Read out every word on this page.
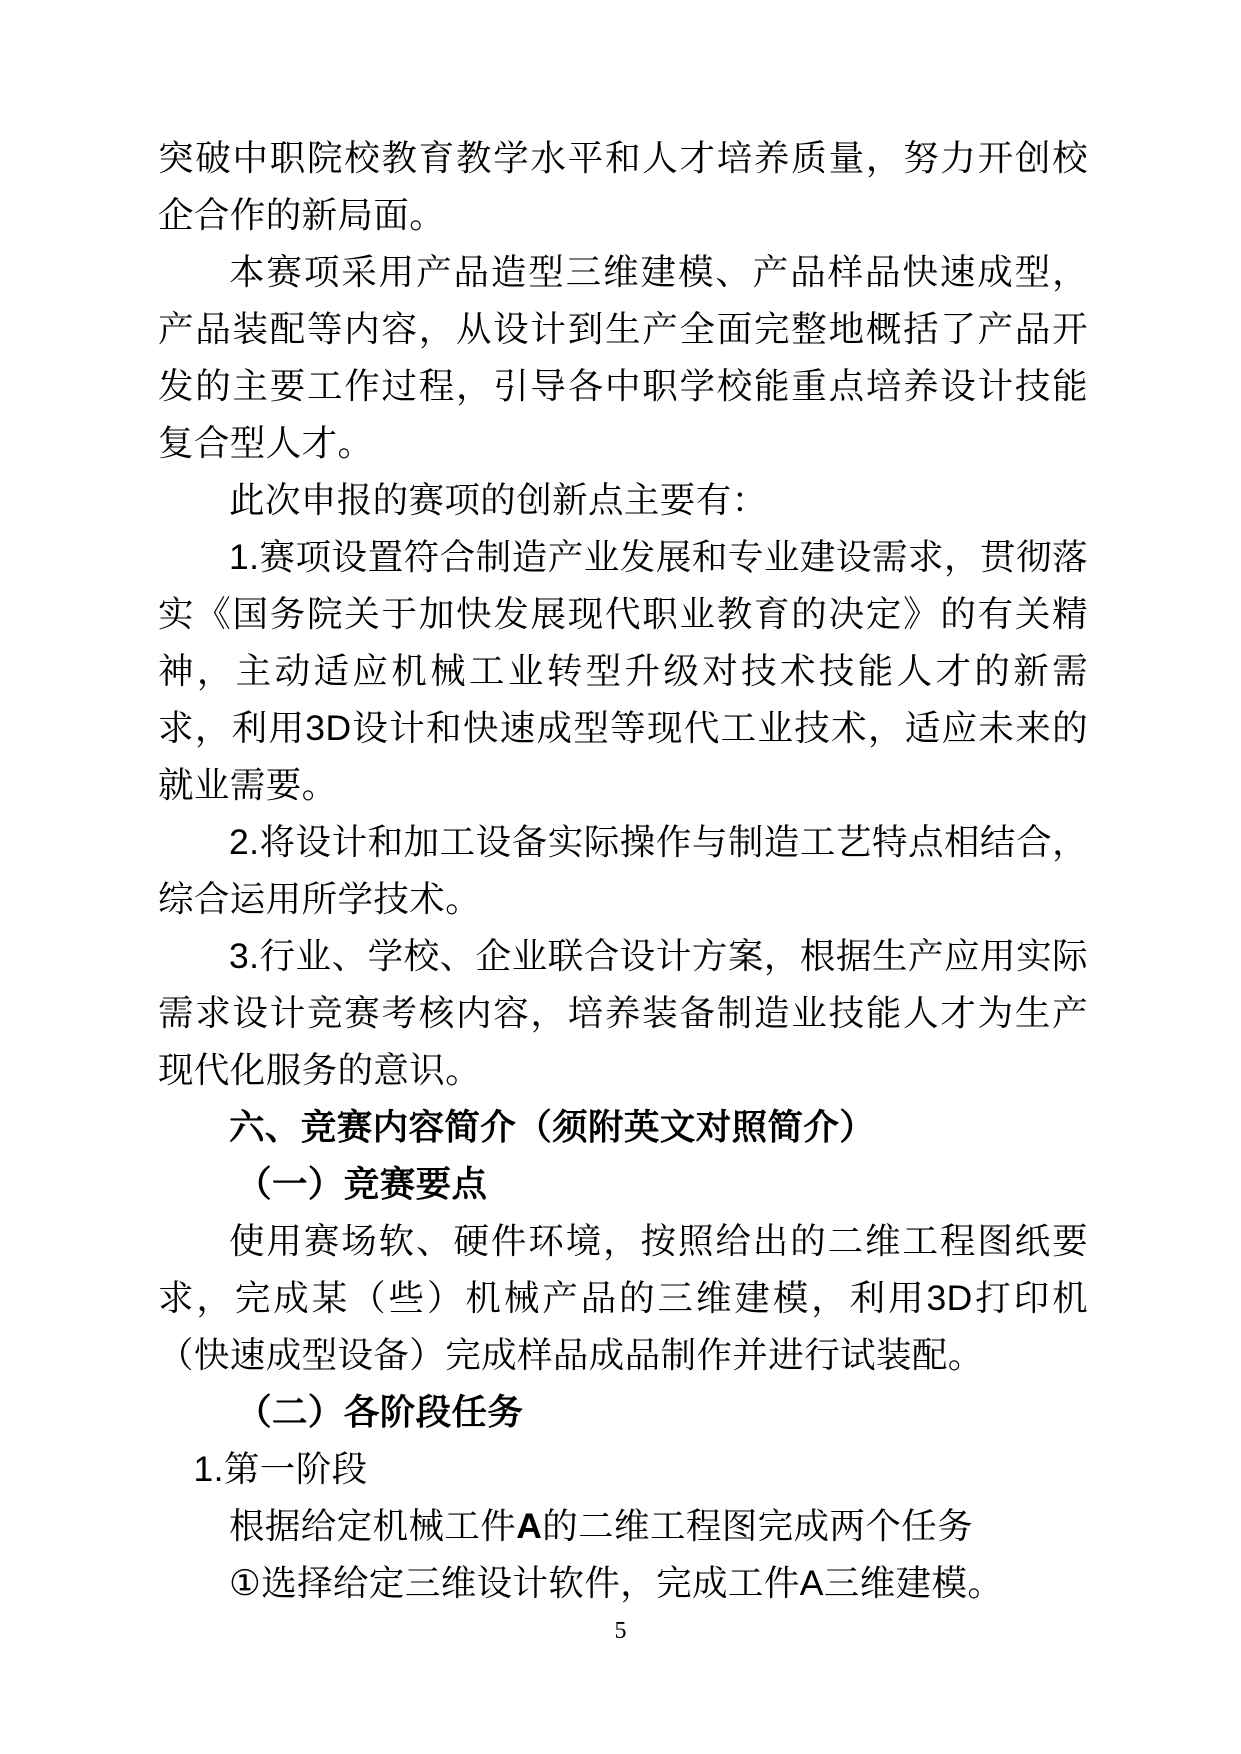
突破中职院校教育教学水平和人才培养质量，努力开创校企合作的新局面。

本赛项采用产品造型三维建模、产品样品快速成型，产品装配等内容，从设计到生产全面完整地概括了产品开发的主要工作过程，引导各中职学校能重点培养设计技能复合型人才。

此次申报的赛项的创新点主要有：

1.赛项设置符合制造产业发展和专业建设需求，贯彻落实《国务院关于加快发展现代职业教育的决定》的有关精神，主动适应机械工业转型升级对技术技能人才的新需求，利用3D设计和快速成型等现代工业技术，适应未来的就业需要。

2.将设计和加工设备实际操作与制造工艺特点相结合，综合运用所学技术。

3.行业、学校、企业联合设计方案，根据生产应用实际需求设计竞赛考核内容，培养装备制造业技能人才为生产现代化服务的意识。

六、竞赛内容简介（须附英文对照简介）
（一）竞赛要点

使用赛场软、硬件环境，按照给出的二维工程图纸要求，完成某（些）机械产品的三维建模，利用3D打印机（快速成型设备）完成样品成品制作并进行试装配。

（二）各阶段任务

1.第一阶段

根据给定机械工件A的二维工程图完成两个任务

①选择给定三维设计软件，完成工件A三维建模。

5
